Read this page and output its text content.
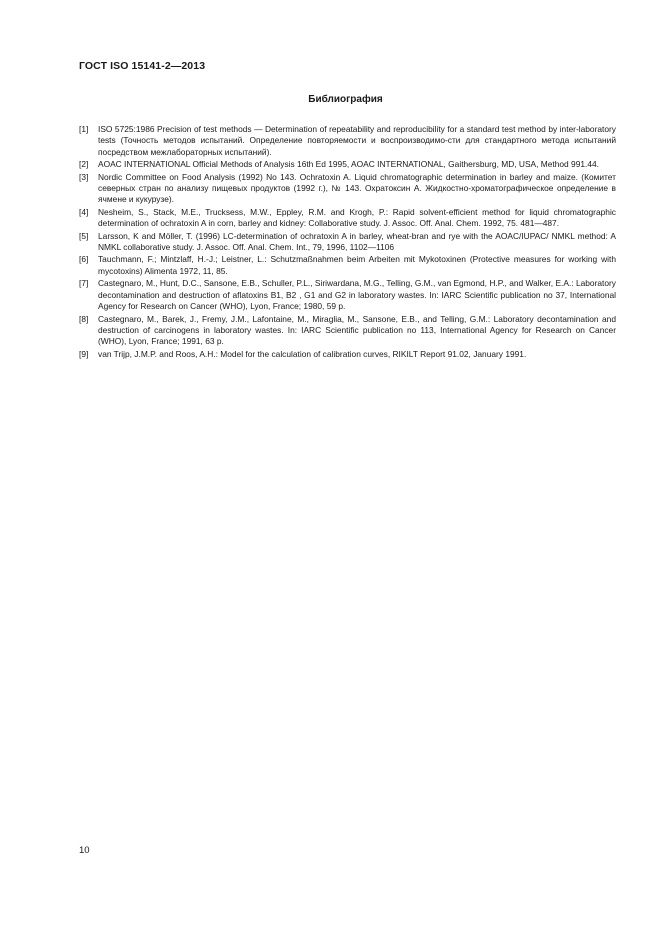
ГОСТ ISO 15141-2—2013
Библиография
[1] ISO 5725:1986 Precision of test methods — Determination of repeatability and reproducibility for a standard test method by inter-laboratory tests (Точность методов испытаний. Определение повторяемости и воспроизводимо-сти для стандартного метода испытаний посредством межлабораторных испытаний).
[2] AOAC INTERNATIONAL Official Methods of Analysis 16th Ed 1995, AOAC INTERNATIONAL, Gaithersburg, MD, USA, Method 991.44.
[3] Nordic Committee on Food Analysis (1992) No 143. Ochratoxin A. Liquid chromatographic determination in barley and maize. (Комитет северных стран по анализу пищевых продуктов (1992 г.), № 143. Охратоксин А. Жидкостно-хроматографическое определение в ячмене и кукурузе).
[4] Nesheim, S., Stack, M.E., Trucksess, M.W., Eppley, R.M. and Krogh, P.: Rapid solvent-efficient method for liquid chromatographic determination of ochratoxin A in corn, barley and kidney: Collaborative study. J. Assoc. Off. Anal. Chem. 1992, 75. 481—487.
[5] Larsson, K and Möller, T. (1996) LC-determination of ochratoxin A in barley, wheat-bran and rye with the AOAC/IUPAC/ NMKL method: A NMKL collaborative study. J. Assoc. Off. Anal. Chem. Int., 79, 1996, 1102—1106
[6] Tauchmann, F.; Mintzlaff, H.-J.; Leistner, L.: Schutzmaßnahmen beim Arbeiten mit Mykotoxinen (Protective measures for working with mycotoxins) Alimenta 1972, 11, 85.
[7] Castegnaro, M., Hunt, D.C., Sansone, E.B., Schuller, P.L., Siriwardana, M.G., Telling, G.M., van Egmond, H.P., and Walker, E.A.: Laboratory decontamination and destruction of aflatoxins B1, B2 , G1 and G2 in laboratory wastes. In: IARC Scientific publication no 37, International Agency for Research on Cancer (WHO), Lyon, France; 1980, 59 p.
[8] Castegnaro, M., Barek, J., Fremy, J.M., Lafontaine, M., Miraglia, M., Sansone, E.B., and Telling, G.M.: Laboratory decontamination and destruction of carcinogens in laboratory wastes. In: IARC Scientific publication no 113, International Agency for Research on Cancer (WHO), Lyon, France; 1991, 63 p.
[9] van Trijp, J.M.P. and Roos, A.H.: Model for the calculation of calibration curves, RIKILT Report 91.02, January 1991.
10
